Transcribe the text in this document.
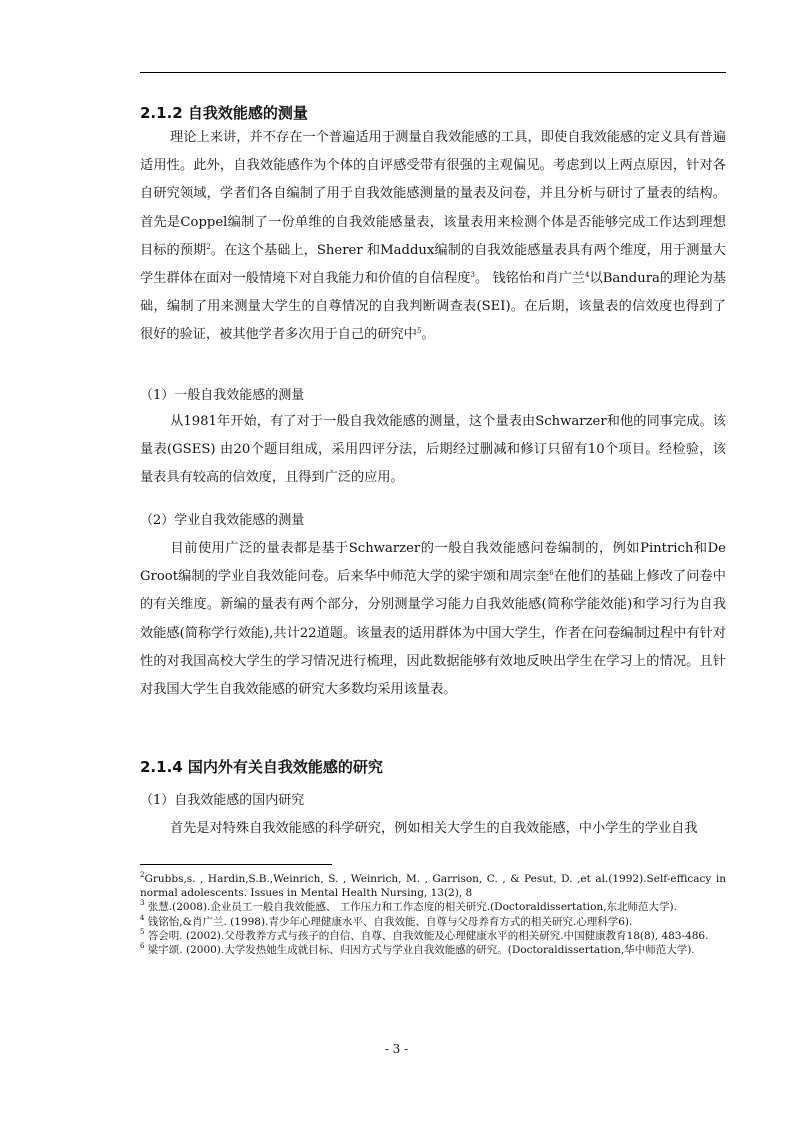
2.1.2 自我效能感的测量
理论上来讲，并不存在一个普遍适用于测量自我效能感的工具，即使自我效能感的定义具有普遍适用性。此外，自我效能感作为个体的自评感受带有很强的主观偏见。考虑到以上两点原因，针对各自研究领域，学者们各自编制了用于自我效能感测量的量表及问卷，并且分析与研讨了量表的结构。首先是Coppel编制了一份单维的自我效能感量表，该量表用来检测个体是否能够完成工作达到理想目标的预期$^2$。在这个基础上，Sherer 和Maddux编制的自我效能感量表具有两个维度，用于测量大学生群体在面对一般情境下对自我能力和价值的自信程度$^3$。 钱铭怡和肖广兰$^4$以Bandura的理论为基础，编制了用来测量大学生的自尊情况的自我判断调查表(SEI)。在后期，该量表的信效度也得到了很好的验证，被其他学者多次用于自己的研究中$^5$。
（1）一般自我效能感的测量
从1981年开始，有了对于一般自我效能感的测量，这个量表由Schwarzer和他的同事完成。该量表(GSES) 由20个题目组成，采用四评分法，后期经过删减和修订只留有10个项目。经检验，该量表具有较高的信效度，且得到广泛的应用。
（2）学业自我效能感的测量
目前使用广泛的量表都是基于Schwarzer的一般自我效能感问卷编制的，例如Pintrich和De Groot编制的学业自我效能问卷。后来华中师范大学的梁宇颂和周宗奎$^6$在他们的基础上修改了问卷中的有关维度。新编的量表有两个部分，分别测量学习能力自我效能感(简称学能效能)和学习行为自我效能感(简称学行效能),共计22道题。该量表的适用群体为中国大学生，作者在问卷编制过程中有针对性的对我国高校大学生的学习情况进行梳理，因此数据能够有效地反映出学生在学习上的情况。且针对我国大学生自我效能感的研究大多数均采用该量表。
2.1.4 国内外有关自我效能感的研究
（1）自我效能感的国内研究
首先是对特殊自我效能感的科学研究，例如相关大学生的自我效能感，中小学生的学业自我

$^2$Grubbs,s. , Hardin,S.B.,Weinrich, S. , Weinrich, M. , Garrison, C. , & Pesut, D. ,et al.(1992).Self-efficacy in normal adolescents. Issues in Mental Health Nursing, 13(2), 8

$^3$ 张慧.(2008).企业员工一般自我效能感、 工作压力和工作态度的相关研究.(Doctoraldissertation,东北师范大学).

$^4$ 钱铭怡,&肖广兰. (1998).青少年心理健康水平、自我效能、自尊与父母养育方式的相关研究.心理科学6).

$^5$ 答会明. (2002).父母教养方式与孩子的自信、自尊、自我效能及心理健康水平的相关研究.中国健康教育18(8), 483-486.

$^6$ 梁宇颂. (2000).大学发热她生成就目标、归因方式与学业自我效能感的研究。(Doctoraldissertation,华中师范大学).

- 3 -
